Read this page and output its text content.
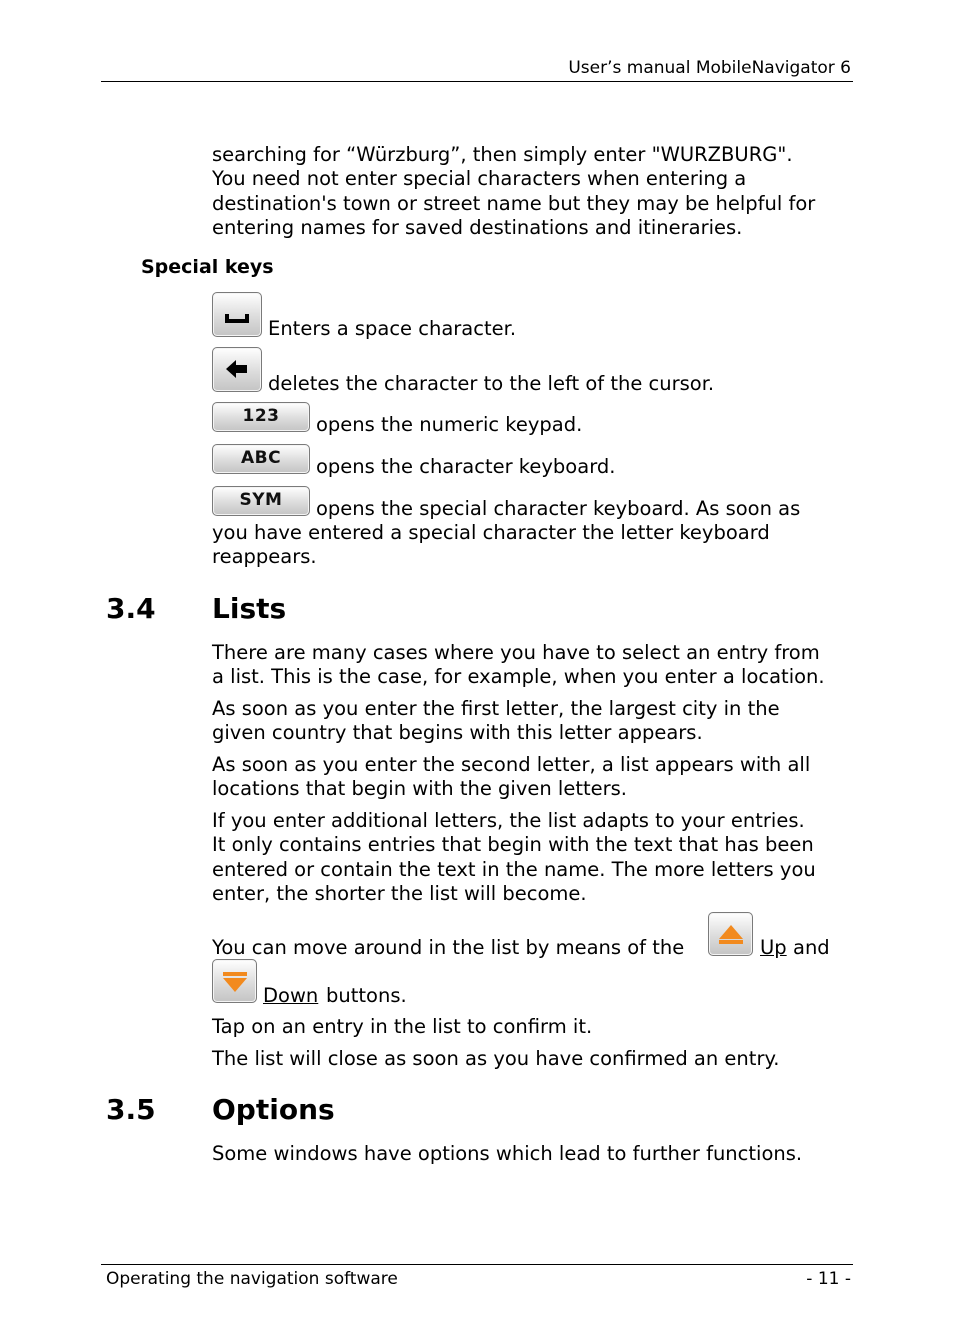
User’s manual MobileNavigator 6
searching for “Würzburg”, then simply enter "WURZBURG".
You need not enter special characters when entering a
destination's town or street name but they may be helpful for
entering names for saved destinations and itineraries.
Special keys
Enters a space character.
deletes the character to the left of the cursor.
123	opens the numeric keypad.
ABC	opens the character keyboard.
SYM	opens the special character keyboard. As soon as
you have entered a special character the letter keyboard
reappears.
3.4 Lists
There are many cases where you have to select an entry from
a list. This is the case, for example, when you enter a location.
As soon as you enter the first letter, the largest city in the
given country that begins with this letter appears.
As soon as you enter the second letter, a list appears with all
locations that begin with the given letters.
If you enter additional letters, the list adapts to your entries.
It only contains entries that begin with the text that has been
entered or contain the text in the name. The more letters you
enter, the shorter the list will become.
You can move around in the list by means of the	Up and
Down buttons.
Tap on an entry in the list to confirm it.
The list will close as soon as you have confirmed an entry.
3.5 Options
Some windows have options which lead to further functions.
Operating the navigation software	- 11 -
